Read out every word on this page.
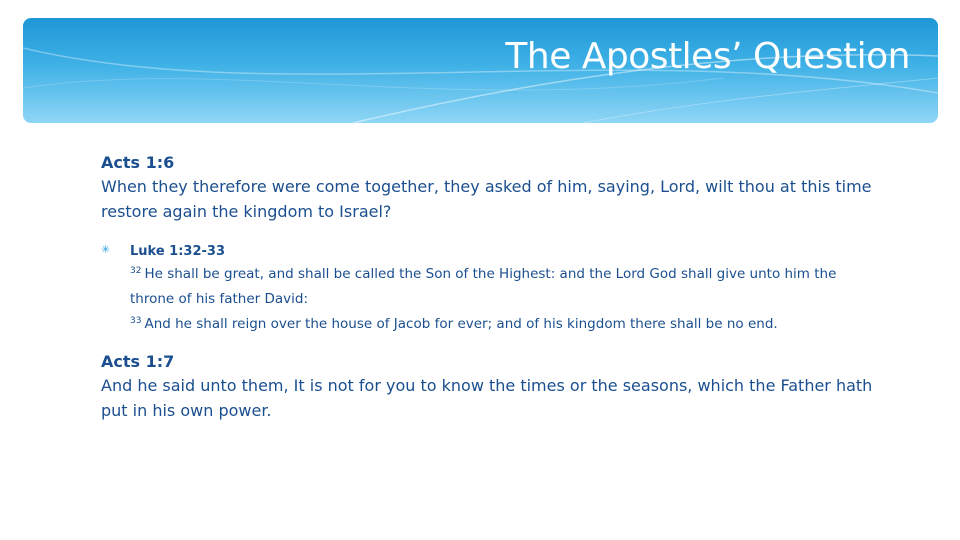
The Apostles’ Question
Acts 1:6
When they therefore were come together, they asked of him, saying, Lord, wilt thou at this time restore again the kingdom to Israel?
✳ Luke 1:32-33
$^{32}$ He shall be great, and shall be called the Son of the Highest: and the Lord God shall give unto him the throne of his father David:
$^{33}$ And he shall reign over the house of Jacob for ever; and of his kingdom there shall be no end.
Acts 1:7
And he said unto them, It is not for you to know the times or the seasons, which the Father hath put in his own power.
